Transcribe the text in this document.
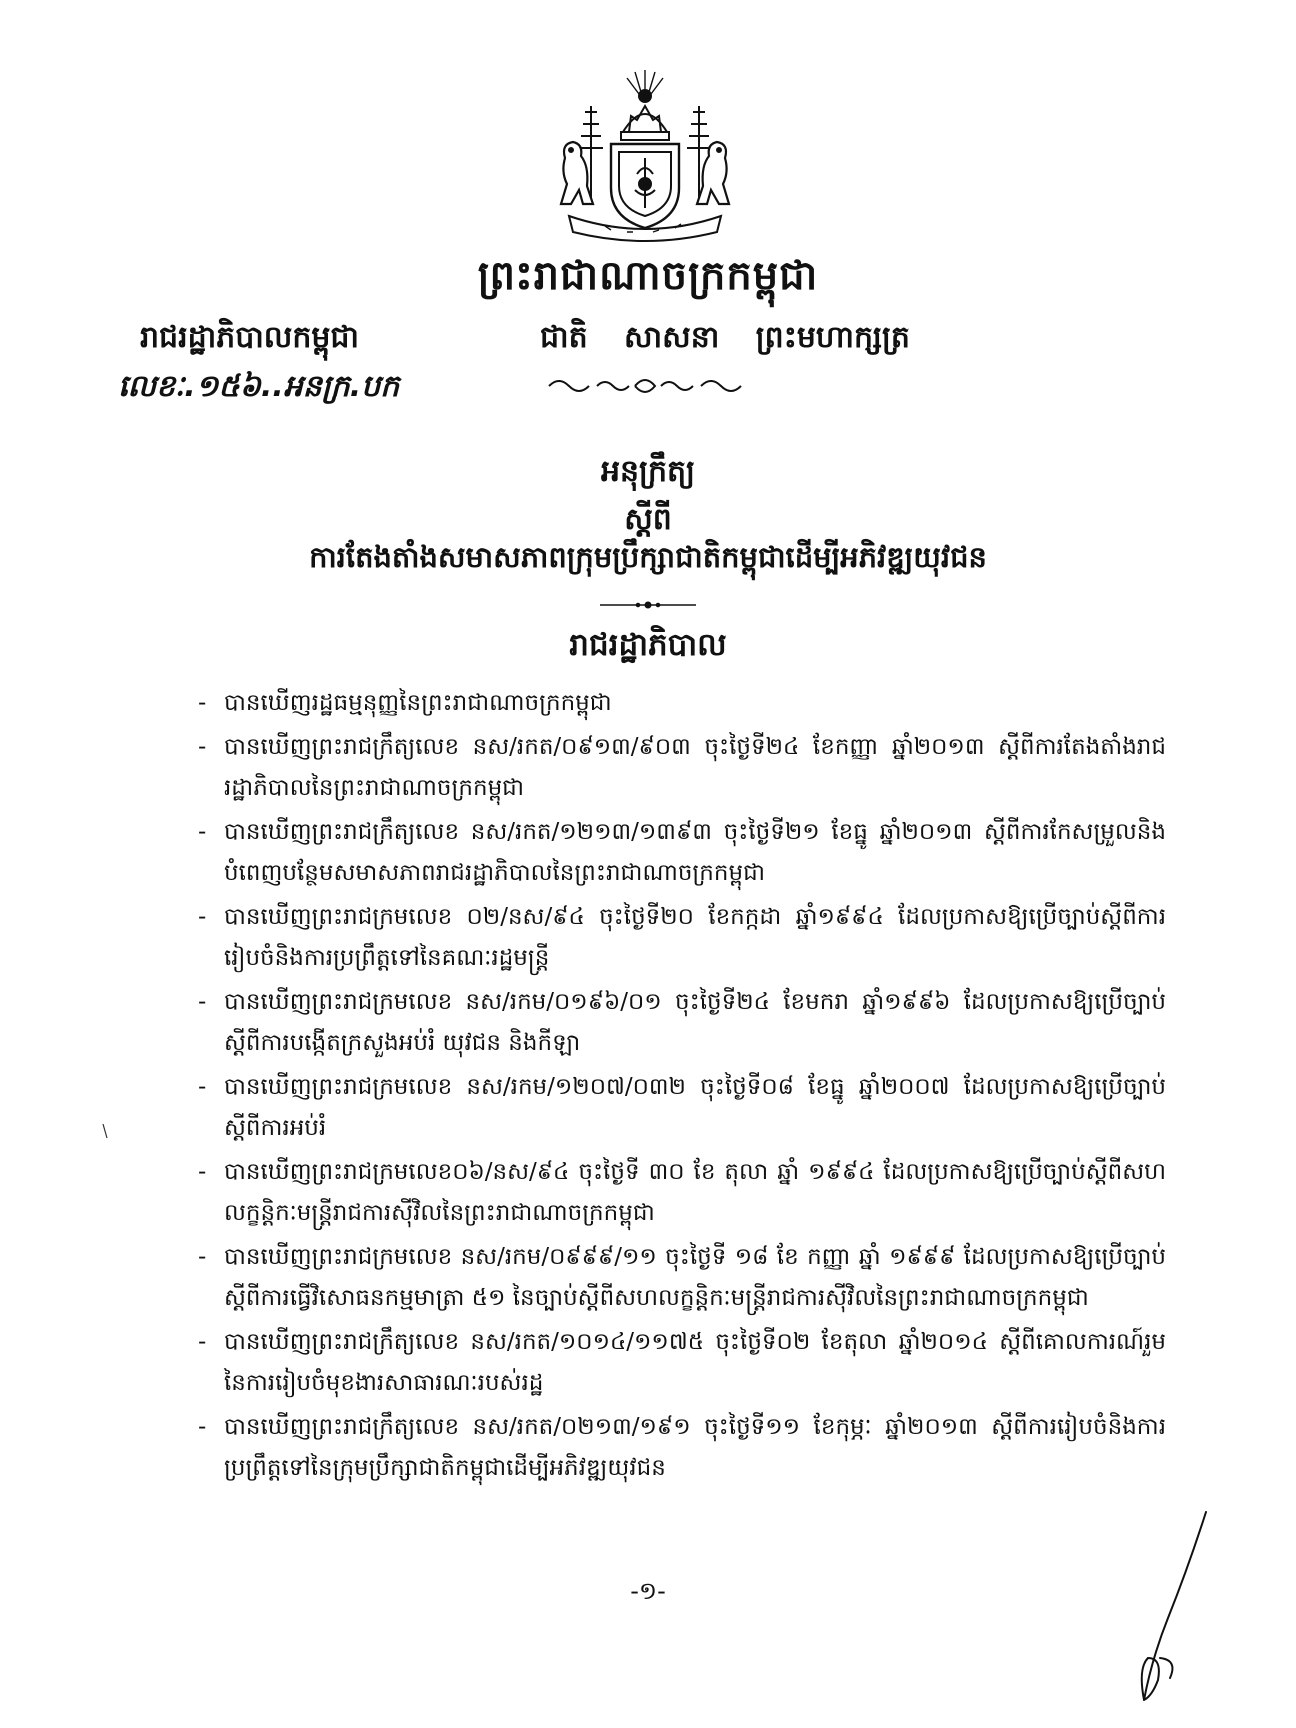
ព្រះរាជាណាចក្រកម្ពុជា
រាជរដ្ឋាភិបាលកម្ពុជា	ជាតិ សាសនា ព្រះមហាក្សត្រ
លេខៈ.១៥៦..អនក្រ.បក
អនុក្រឹត្យ
ស្តីពី
ការតែងតាំងសមាសភាពក្រុមប្រឹក្សាជាតិកម្ពុជាដើម្បីអភិវឌ្ឍយុវជន
រាជរដ្ឋាភិបាល
- បានឃើញរដ្ឋធម្មនុញ្ញនៃព្រះរាជាណាចក្រកម្ពុជា
- បានឃើញព្រះរាជក្រឹត្យលេខ នស/រកត/០៩១៣/៩០៣ ចុះថ្ងៃទី២៤ ខែកញ្ញា ឆ្នាំ២០១៣ ស្តីពីការតែងតាំងរាជរដ្ឋាភិបាលនៃព្រះរាជាណាចក្រកម្ពុជា
- បានឃើញព្រះរាជក្រឹត្យលេខ នស/រកត/១២១៣/១៣៩៣ ចុះថ្ងៃទី២១ ខែធ្នូ ឆ្នាំ២០១៣ ស្តីពីការកែសម្រួលនិងបំពេញបន្ថែមសមាសភាពរាជរដ្ឋាភិបាលនៃព្រះរាជាណាចក្រកម្ពុជា
- បានឃើញព្រះរាជក្រមលេខ ០២/នស/៩៤ ចុះថ្ងៃទី២០ ខែកក្កដា ឆ្នាំ១៩៩៤ ដែលប្រកាសឱ្យប្រើច្បាប់ស្តីពីការរៀបចំនិងការប្រព្រឹត្តទៅនៃគណៈរដ្ឋមន្ត្រី
- បានឃើញព្រះរាជក្រមលេខ នស/រកម/០១៩៦/០១ ចុះថ្ងៃទី២៤ ខែមករា ឆ្នាំ១៩៩៦ ដែលប្រកាសឱ្យប្រើច្បាប់ស្តីពីការបង្កើតក្រសួងអប់រំ យុវជន និងកីឡា
- បានឃើញព្រះរាជក្រមលេខ នស/រកម/១២០៧/០៣២ ចុះថ្ងៃទី០៨ ខែធ្នូ ឆ្នាំ២០០៧ ដែលប្រកាសឱ្យប្រើច្បាប់ស្តីពីការអប់រំ
- បានឃើញព្រះរាជក្រមលេខ០៦/នស/៩៤ ចុះថ្ងៃទី ៣០ ខែ តុលា ឆ្នាំ ១៩៩៤ ដែលប្រកាសឱ្យប្រើច្បាប់ស្តីពីសហលក្ខន្តិកៈមន្ត្រីរាជការស៊ីវិលនៃព្រះរាជាណាចក្រកម្ពុជា
- បានឃើញព្រះរាជក្រមលេខ នស/រកម/០៩៩៩/១១ ចុះថ្ងៃទី ១៨ ខែ កញ្ញា ឆ្នាំ ១៩៩៩ ដែលប្រកាសឱ្យប្រើច្បាប់ស្តីពីការធ្វើវិសោធនកម្មមាត្រា ៥១ នៃច្បាប់ស្តីពីសហលក្ខន្តិកៈមន្ត្រីរាជការស៊ីវិលនៃព្រះរាជាណាចក្រកម្ពុជា
- បានឃើញព្រះរាជក្រឹត្យលេខ នស/រកត/១០១៤/១១៧៥ ចុះថ្ងៃទី០២ ខែតុលា ឆ្នាំ២០១៤ ស្តីពីគោលការណ៍រួមនៃការរៀបចំមុខងារសាធារណៈរបស់រដ្ឋ
- បានឃើញព្រះរាជក្រឹត្យលេខ នស/រកត/០២១៣/១៩១ ចុះថ្ងៃទី១១ ខែកុម្ភៈ ឆ្នាំ២០១៣ ស្តីពីការរៀបចំនិងការប្រព្រឹត្តទៅនៃក្រុមប្រឹក្សាជាតិកម្ពុជាដើម្បីអភិវឌ្ឍយុវជន
-១-
